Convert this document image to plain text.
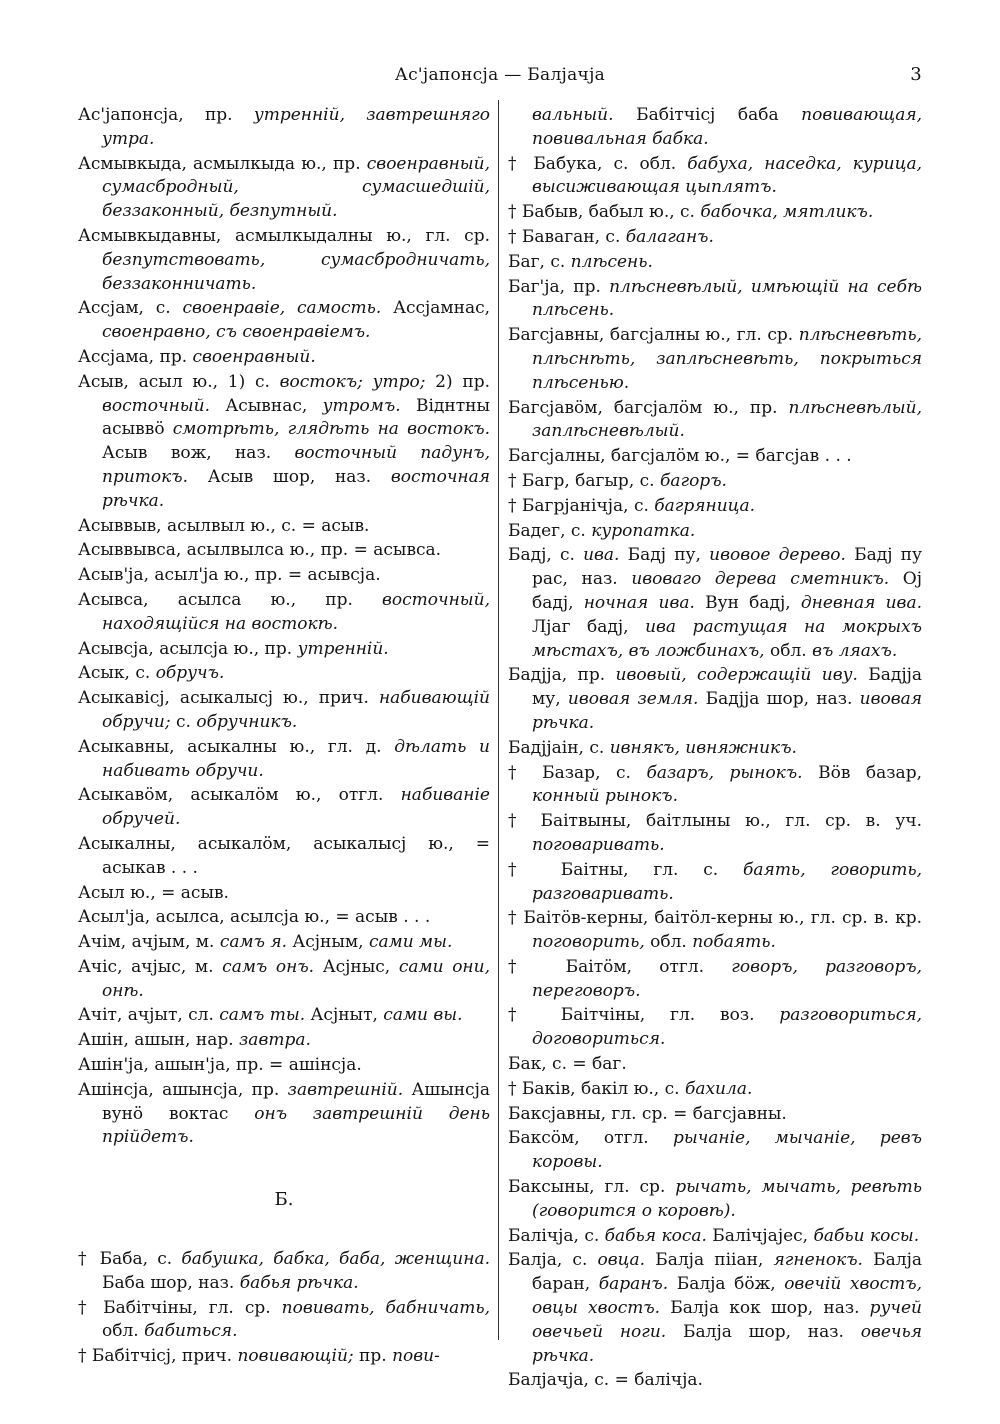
Ас'јапонсја — Балјачја	3

Ас'јапонсја, пр. утренній, завтрешняго утра.

Асмывкыда, асмылкыда ю., пр. своенравный, сумасбродный, сумасшедшій, беззаконный, безпутный.

Асмывкыдавны, асмылкыдалны ю., гл. ср. безпутствовать, сумасбродничать, беззаконничать.

Ассјам, с. своенравіе, самость. Ассјамнас, своенравно, съ своенравіемъ.

Ассјама, пр. своенравный.

Асыв, асыл ю., 1) с. востокъ; утро; 2) пр. восточный. Асывнас, утромъ. Віднтны асыввӧ смотрѣть, глядѣть на востокъ. Асыв вож, наз. восточный падунъ, притокъ. Асыв шор, наз. восточная рѣчка.

Асыввыв, асылвыл ю., с. = асыв.

Асыввывса, асылвылса ю., пр. = асывса.

Асыв'ја, асыл'ја ю., пр. = асывсја.

Асывса, асылса ю., пр. восточный, находящійся на востокѣ.

Асывсја, асылсја ю., пр. утренній.

Асык, с. обручъ.

Асыкавісј, асыкалысј ю., прич. набивающій обручи; с. обручникъ.

Асыкавны, асыкалны ю., гл. д. дѣлать и набивать обручи.

Асыкавӧм, асыкалӧм ю., отгл. набиваніе обручей.

Асыкалны, асыкалӧм, асыкалысј ю., = асыкав . . .

Асыл ю., = асыв.

Асыл'ја, асылса, асылсја ю., = асыв . . .

Ачім, ачјым, м. самъ я. Асјным, сами мы.

Ачіс, ачјыс, м. самъ онъ. Асјныс, сами они, онѣ.

Ачіт, ачјыт, сл. самъ ты. Асјныт, сами вы.

Ашін, ашын, нар. завтра.

Ашін'ја, ашын'ја, пр. = ашінсја.

Ашінсја, ашынсја, пр. завтрешній. Ашынсја вунӧ воктас онъ завтрешній день прійдетъ.

Б.

† Баба, с. бабушка, бабка, баба, женщина. Баба шор, наз. бабья рѣчка.

† Бабітчіны, гл. ср. повивать, бабничать, обл. бабиться.

† Бабітчісј, прич. повивающій; пр. пови-

вальный. Бабітчісј баба повивающая, повивальная бабка.

† Бабука, с. обл. бабуха, наседка, курица, высиживающая цыплятъ.

† Бабыв, бабыл ю., с. бабочка, мятликъ.

† Баваган, с. балаганъ.

Баг, с. плѣсень.

Баг'ја, пр. плѣсневѣлый, имѣющій на себѣ плѣсень.

Багсјавны, багсјалны ю., гл. ср. плѣсневѣть, плѣснѣть, заплѣсневѣть, покрыться плѣсенью.

Багсјавӧм, багсјалӧм ю., пр. плѣсневѣлый, заплѣсневѣлый.

Багсјалны, багсјалӧм ю., = багсјав . . .

† Багр, багыр, с. багоръ.

† Багрјанічја, с. багряница.

Бадег, с. куропатка.

Бадј, с. ива. Бадј пу, ивовое дерево. Бадј пу рас, наз. ивоваго дерева сметникъ. Ој бадј, ночная ива. Вун бадј, дневная ива. Лјаг бадј, ива растущая на мокрыхъ мѣстахъ, въ ложбинахъ, обл. въ ляахъ.

Бадјја, пр. ивовый, содержащій иву. Бадјја му, ивовая земля. Бадјја шор, наз. ивовая рѣчка.

Бадјјаін, с. ивнякъ, ивняжникъ.

† Базар, с. базаръ, рынокъ. Вӧв базар, конный рынокъ.

† Баітвыны, баітлыны ю., гл. ср. в. уч. поговаривать.

† Баітны, гл. с. баять, говорить, разговаривать.

† Баітӧв-керны, баітӧл-керны ю., гл. ср. в. кр. поговорить, обл. побаять.

† Баітӧм, отгл. говоръ, разговоръ, переговоръ.

† Баітчіны, гл. воз. разговориться, договориться.

Бак, с. = баг.

† Баків, бакіл ю., с. бахила.

Баксјавны, гл. ср. = багсјавны.

Баксӧм, отгл. рычаніе, мычаніе, ревъ коровы.

Баксыны, гл. ср. рычать, мычать, ревѣть (говорится о коровѣ).

Балічја, с. бабья коса. Балічјајес, бабьи косы.

Балја, с. овца. Балја пііан, ягненокъ. Балја баран, баранъ. Балја бӧж, овечій хвостъ, овцы хвостъ. Балја кок шор, наз. ручей овечьей ноги. Балја шор, наз. овечья рѣчка.

Балјачја, с. = балічја.
